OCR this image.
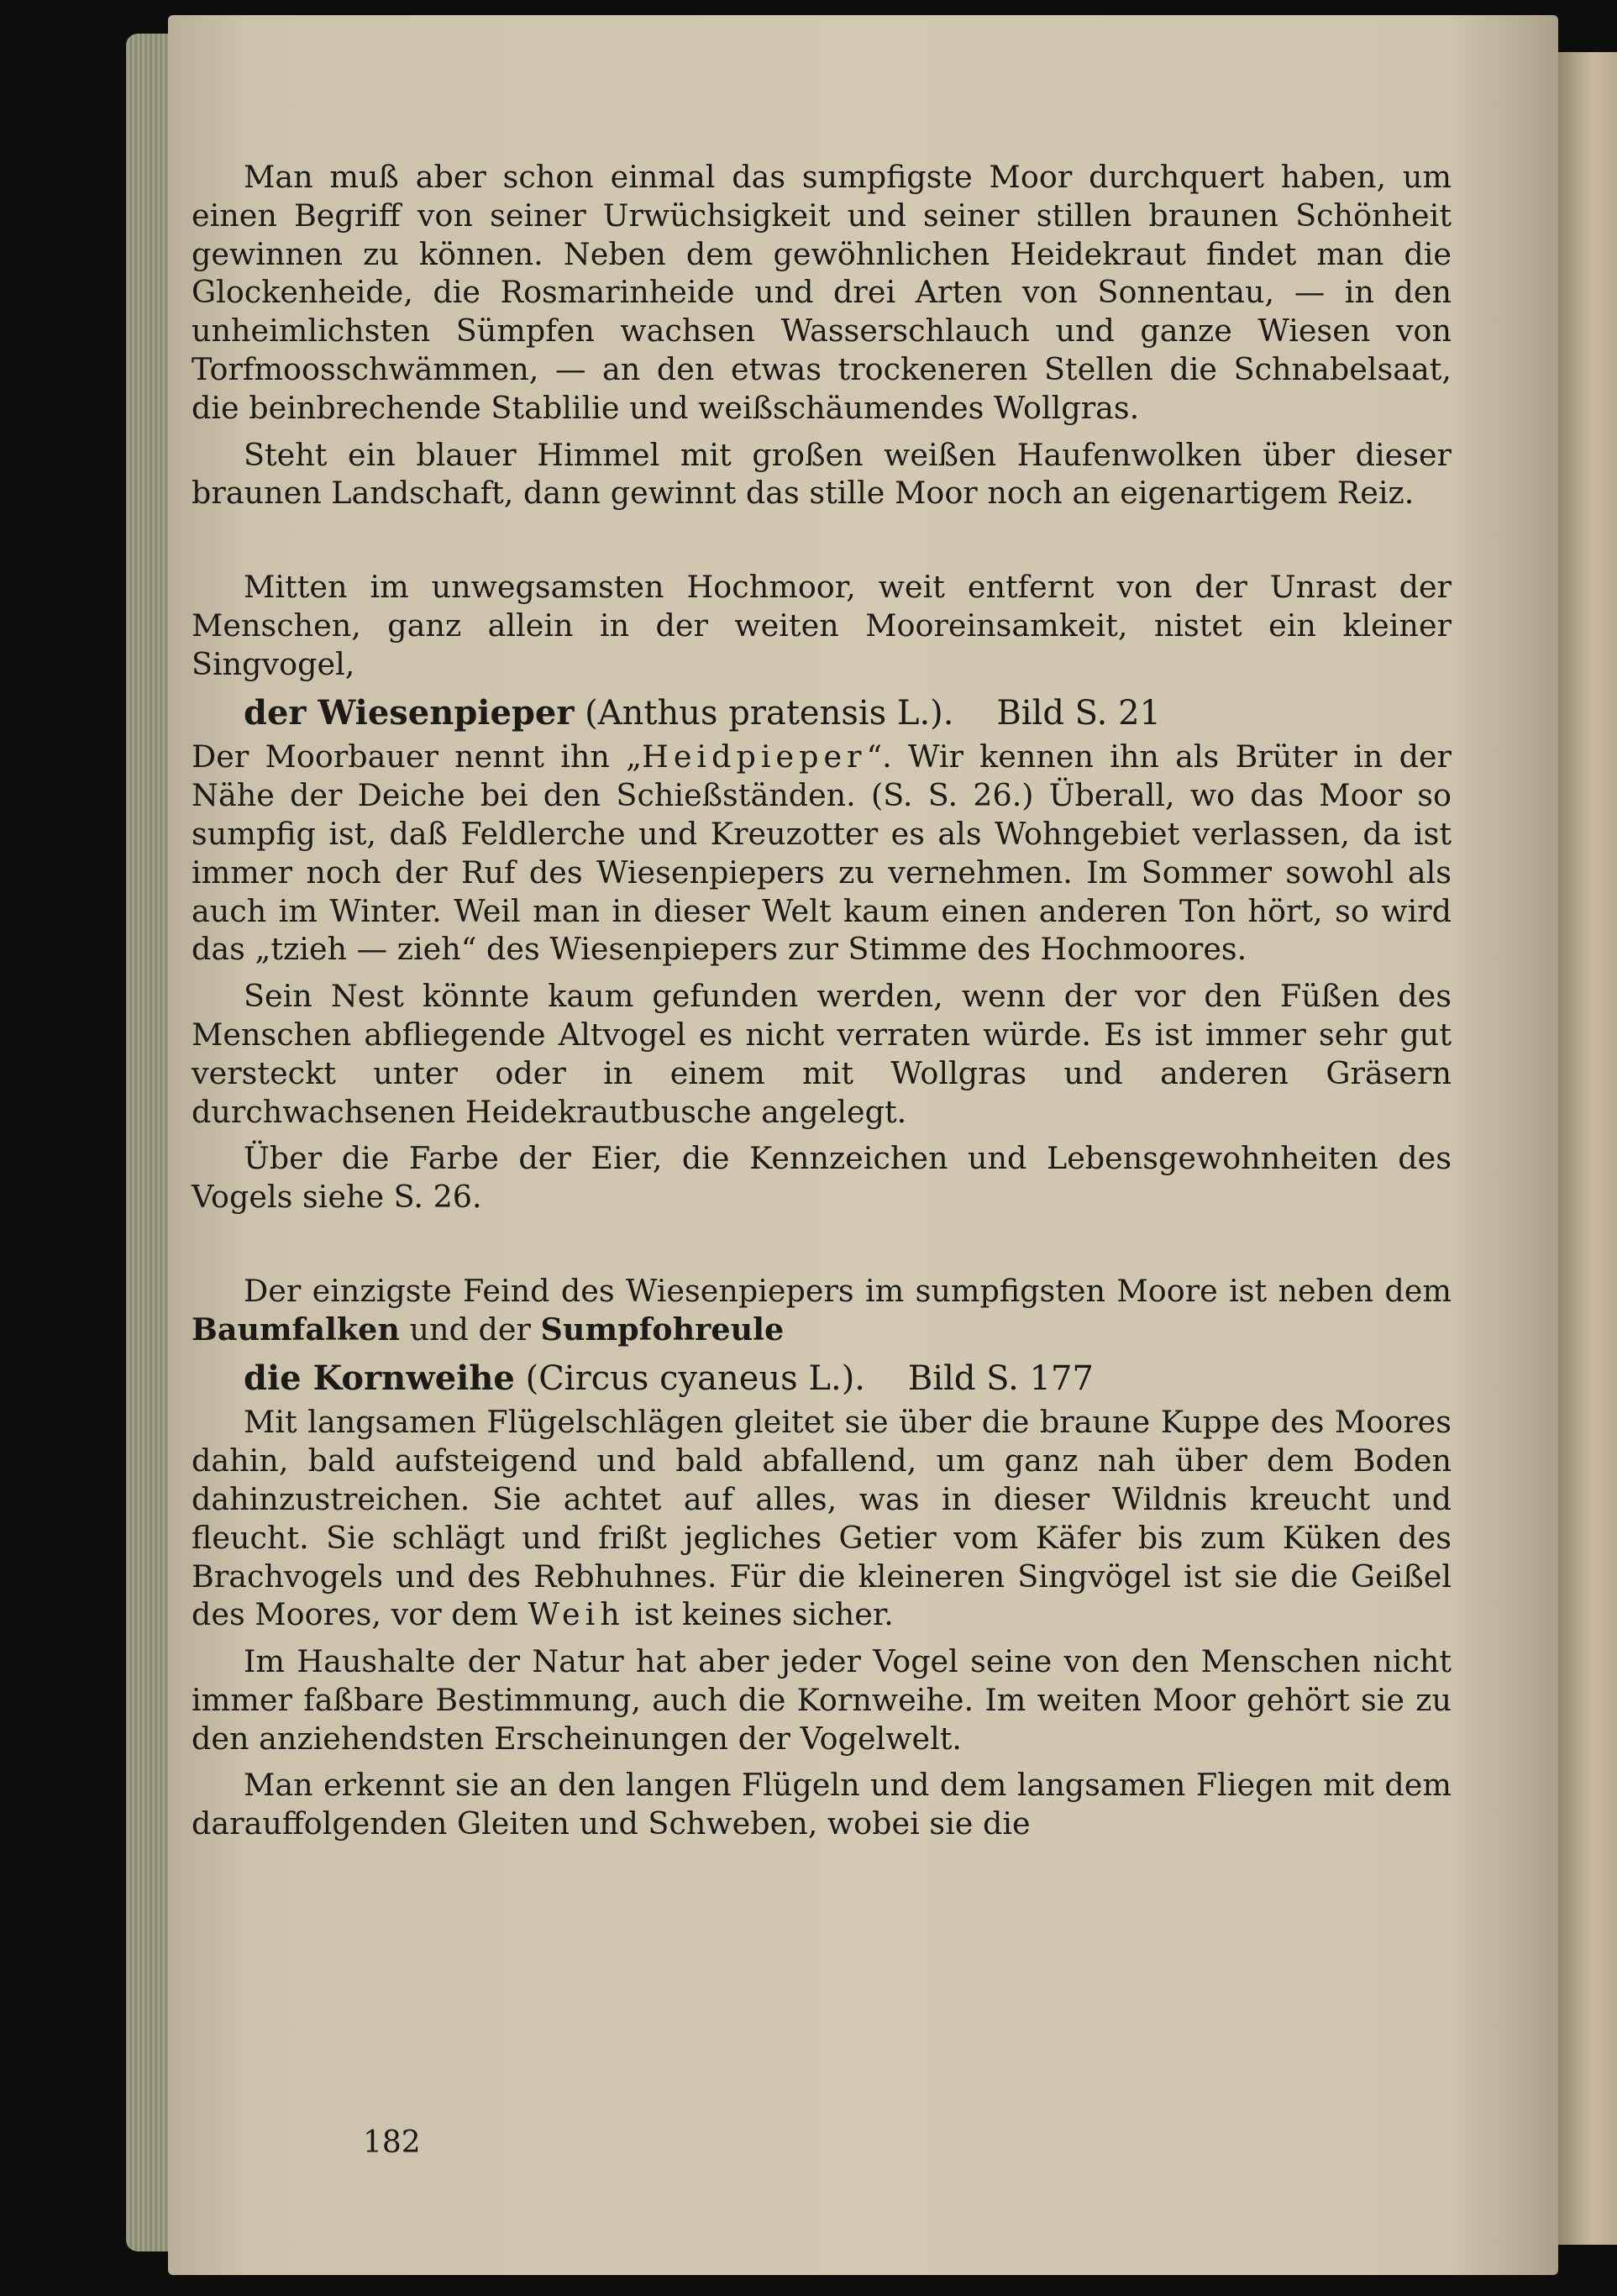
Man muß aber schon einmal das sumpfigste Moor durchquert haben, um einen Begriff von seiner Urwüchsigkeit und seiner stillen braunen Schönheit gewinnen zu können. Neben dem gewöhnlichen Heidekraut findet man die Glockenheide, die Rosmarinheide und drei Arten von Sonnentau, — in den unheimlichsten Sümpfen wachsen Wasserschlauch und ganze Wiesen von Torfmoosschwämmen, — an den etwas trockeneren Stellen die Schnabelsaat, die beinbrechende Stablilie und weißschäumendes Wollgras.

Steht ein blauer Himmel mit großen weißen Haufenwolken über dieser braunen Landschaft, dann gewinnt das stille Moor noch an eigenartigem Reiz.

Mitten im unwegsamsten Hochmoor, weit entfernt von der Unrast der Menschen, ganz allein in der weiten Mooreinsamkeit, nistet ein kleiner Singvogel,

der Wiesenpieper (Anthus pratensis L.). Bild S. 21

Der Moorbauer nennt ihn „Heidpieper“. Wir kennen ihn als Brüter in der Nähe der Deiche bei den Schießständen. (S. S. 26.) Überall, wo das Moor so sumpfig ist, daß Feldlerche und Kreuzotter es als Wohngebiet verlassen, da ist immer noch der Ruf des Wiesenpiepers zu vernehmen. Im Sommer sowohl als auch im Winter. Weil man in dieser Welt kaum einen anderen Ton hört, so wird das „tzieh — zieh“ des Wiesenpiepers zur Stimme des Hochmoores.

Sein Nest könnte kaum gefunden werden, wenn der vor den Füßen des Menschen abfliegende Altvogel es nicht verraten würde. Es ist immer sehr gut versteckt unter oder in einem mit Wollgras und anderen Gräsern durchwachsenen Heidekrautbusche angelegt.

Über die Farbe der Eier, die Kennzeichen und Lebensgewohnheiten des Vogels siehe S. 26.

Der einzigste Feind des Wiesenpiepers im sumpfigsten Moore ist neben dem Baumfalken und der Sumpfohreule

die Kornweihe (Circus cyaneus L.). Bild S. 177

Mit langsamen Flügelschlägen gleitet sie über die braune Kuppe des Moores dahin, bald aufsteigend und bald abfallend, um ganz nah über dem Boden dahinzustreichen. Sie achtet auf alles, was in dieser Wildnis kreucht und fleucht. Sie schlägt und frißt jegliches Getier vom Käfer bis zum Küken des Brachvogels und des Rebhuhnes. Für die kleineren Singvögel ist sie die Geißel des Moores, vor dem Weih ist keines sicher.

Im Haushalte der Natur hat aber jeder Vogel seine von den Menschen nicht immer faßbare Bestimmung, auch die Kornweihe. Im weiten Moor gehört sie zu den anziehendsten Erscheinungen der Vogelwelt.

Man erkennt sie an den langen Flügeln und dem langsamen Fliegen mit dem darauffolgenden Gleiten und Schweben, wobei sie die

182
